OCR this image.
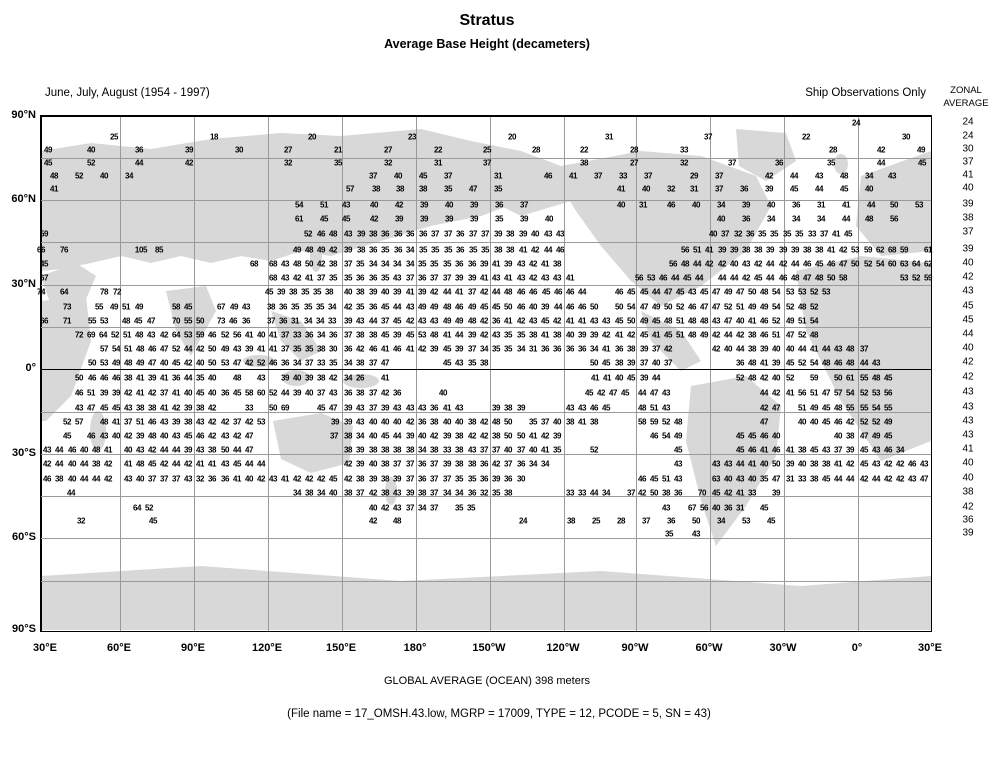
Stratus
Average Base Height (decameters)
June, July, August (1954 - 1997)	Ship Observations Only	ZONAL
AVERAGE
24
25	18	20	23	20	31	37	22	30
49	40	36	39	30	27	21	27	22	25	28	22	28	33	28	42	49
45	52	44	42	32	35	32	31	37	38	27	32	37	36	35	44	45
48 52 40 34	37 40 45 37	31	46 41 37 33 37	29 37	42 44 43 48 34 43
41	57 38 38 38 35 47 35	41 40 32 31 37 36 39 45 44 45 40
54 51 43 40 42 39 40 39 36 37	40 31 46 40 34 39 40 36 31 41 44 50 53
61 45 45 42 39 39 39 39 35 39 40	40 36 34 34 34 44 48 56
59	52 46 48 43 39 38 36 36 36 36 37 37 36 37 37 39 38 39 40 43 43	40 37 32 36 35 35 35 35 33 37 41 45
66 76	105 85	49 48 49 42 39 38 36 35 36 34 35 35 35 36 35 35 38 38 41 42 44 46	56 51 41 39 39 38 38 39 39 39 38 38 41 42 53 59 62 68 59 61
45	68 68 43 48 50 42 38 37 35 34 34 34 34 35 35 35 36 36 39 41 39 43 42 41 38	56 48 44 42 42 40 43 42 44 42 44 46 45 46 47 50 52 54 60 63 64 62
67	68 43 42 41 37 35 35 36 36 35 43 37 36 37 37 39 39 41 43 41 43 42 43 43 41	56 53 46 44 45 44 44 44 42 45 44 46 48 47 48 50 58	53 52 59
74 64	78 72	45 39 38 35 35 38 40 38 39 40 39 41 39 42 44 41 37 42 44 48 46 46 45 46 46 44	46 45 45 44 47 45 43 45 47 49 47 50 48 54 53 53 52 53
73	55 49 51 49	58 45	67 49 43 38 36 35 35 35 34 42 35 36 45 44 43 49 49 48 46 49 45 45 50 46 40 39 44 46 46 50 50 54 47 49 50 52 46 47 47 52 51 49 49 54 52 48 52
66 71 55 53 48 45 47 70 55 50 73 46 36 37 36 31 34 34 33 39 43 44 37 45 42 43 43 49 49 48 42 36 41 42 43 45 42 41 41 43 43 45 50 49 45 48 51 48 48 43 47 40 41 46 52 49 51 54
72 69 64 52 51 48 43 42 64 53 59 46 52 56 41 40 41 37 33 36 34 36 37 38 38 45 39 45 53 48 41 44 39 42 43 35 35 38 41 38 40 39 39 42 41 42 45 41 45 51 48 49 42 44 42 38 46 51 47 52 48
57 54 51 48 46 47 52 44 42 50 49 43 39 41 41 37 35 35 38 30 36 42 46 41 46 41 42 39 45 39 37 34 35 35 34 31 36 36 36 36 34 41 36 38 39 37 42	42 40 44 38 39 40 40 44 41 44 43 48 37
50 53 49 48 49 47 40 45 42 40 50 53 47 42 52 46 36 34 37 33 35 34 38 37 47	45 43 35 38	50 45 38 39 37 40 37	36 48 41 39 45 52 54 48 46 48 44 43
50 46 46 46 38 41 39 41 36 44 35 40 48 43 39 40 39 38 42 34 26 41	41 41 40 45 39 44	52 48 42 40 52 59 50 61 55 48 45
46 51 39 39 42 41 42 37 41 40 45 40 36 45 58 60 52 44 39 40 37 43 36 38 37 42 36	40	45 42 47 45 44 47 43	44 42 41 56 51 47 57 54 52 53 56
43 47 45 45 43 38 38 41 42 39 38 42	33 50 69	45 47 39 43 37 39 43 43 43 36 41 43	39 38 39	43 43 46 45	48 51 43	42 47 51 49 45 48 55 55 54 55
52 57 48 41 37 51 46 43 39 38 43 42 42 37 42 53	39 39 43 40 40 40 42 36 38 40 40 38 42 48 50 35 37 40 38 41 38	58 59 52 48	47	40 40 45 46 42 52 52 49
45 46 43 40 42 39 48 40 43 45 46 42 43 42 47	37 38 34 40 45 44 39 40 42 39 38 42 42 38 50 50 41 42 39	46 54 49	45 45 46 40	40 38 47 49 45
43 44 46 40 48 41 40 43 42 44 44 39 43 38 50 44 47	38 39 38 38 38 38 34 38 33 38 43 37 37 40 37 40 41 35	52	45	45 46 41 46 41 38 45 43 37 39 45 43 46 34
42 44 40 44 38 42 41 48 45 42 44 42 41 41 43 45 44 44	42 39 40 38 37 37 36 37 39 38 38 36 42 37 36 34 34	43	43 43 44 41 40 50 39 40 38 38 41 42 45 43 42 42 46 43
46 38 40 44 44 42 43 40 37 37 37 43 32 36 36 41 40 42 43 41 42 42 42 45 42 38 39 38 39 37 36 37 37 35 35 36 39 36 30	46 45 51 43	63 40 43 40 35 47 31 33 38 45 44 44 42 44 42 42 43 47
44	34 38 34 40 38 37 42 38 43 39 38 37 34 34 36 32 35 38	33 33 44 34 37 42 50 38 36 70 45 42 41 33 39
64 52	40 42 43 37 34 37 35 35	43 67 56 40 36 31 45
32	45	42 48	24	38 25 28 37 36 50 34 53 45
35 43
90°N
60°N
30°N
0°
30°S
60°S
90°S
30°E	60°E	90°E	120°E	150°E	180°	150°W	120°W	90°W	60°W	30°W	0°	30°E
24
24
30
37
41
40
39
38
37
39
40
42
43
45
45
44
40
42
42
43
43
43
43
41
40
40
38
42
36
39
GLOBAL AVERAGE (OCEAN) 398 meters
(File name = 17_OMSH.43.low, MGRP = 17009, TYPE = 12, PCODE = 5, SN = 43)
